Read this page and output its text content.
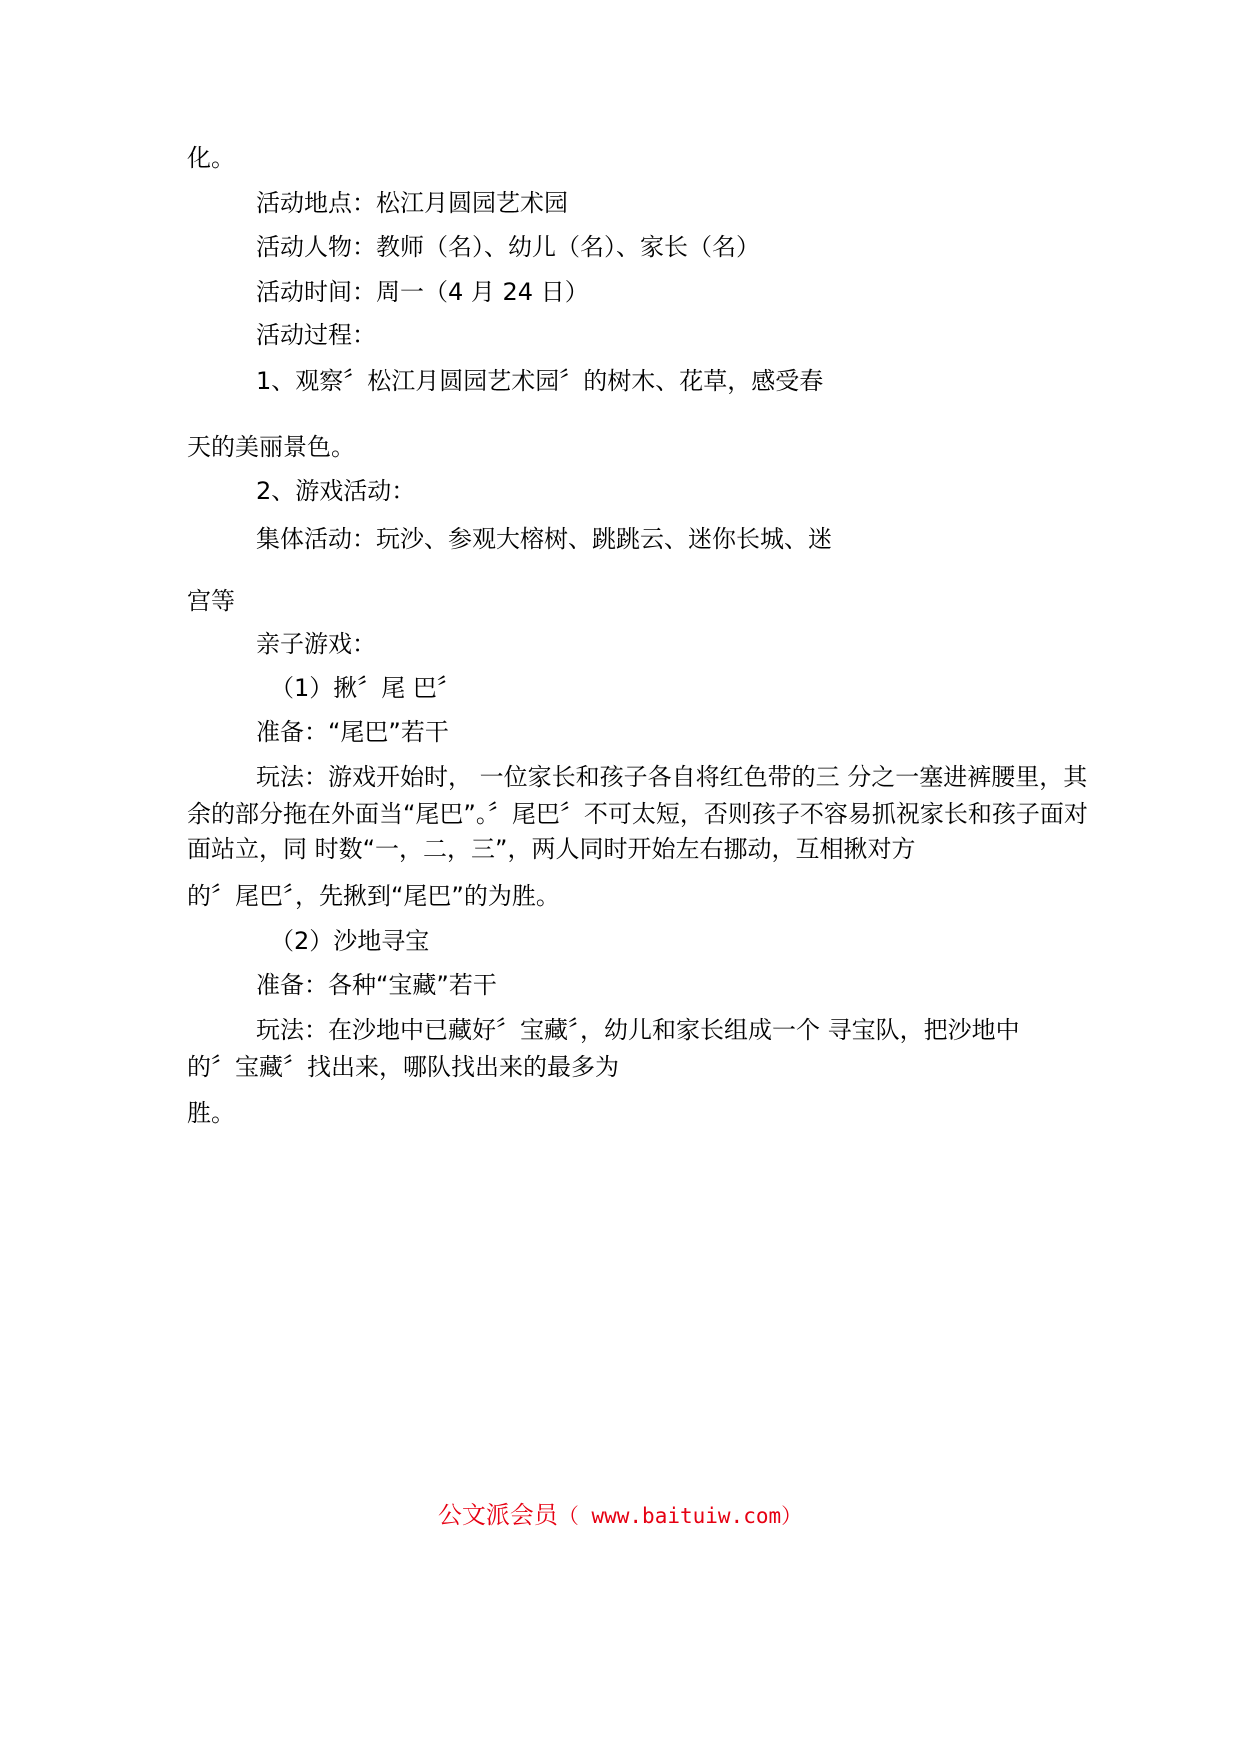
化。
活动地点：松江月圆园艺术园
活动人物：教师（名）、幼儿（名）、家长（名）
活动时间：周一（4 月 24 日）
活动过程：
1、观察〞松江月圆园艺术园〞的树木、花草，感受春
天的美丽景色。
2、游戏活动：
集体活动：玩沙、参观大榕树、跳跳云、迷你长城、迷
宫等
亲子游戏：
（1）揪〞尾 巴〞
准备：“尾巴”若干
玩法：游戏开始时， 一位家长和孩子各自将红色带的三 分之一塞进裤腰里，其
余的部分拖在外面当“尾巴”。〞尾巴〞不可太短，否则孩子不容易抓祝家长和孩子面对
面站立，同 时数“一，二，三”，两人同时开始左右挪动，互相揪对方
的〞尾巴〞，先揪到“尾巴”的为胜。
（2）沙地寻宝
准备：各种“宝藏”若干
玩法：在沙地中已藏好〞宝藏〞，幼儿和家长组成一个 寻宝队，把沙地中
的〞宝藏〞找出来，哪队找出来的最多为
胜。
公文派会员（ www.baituiw.com）
